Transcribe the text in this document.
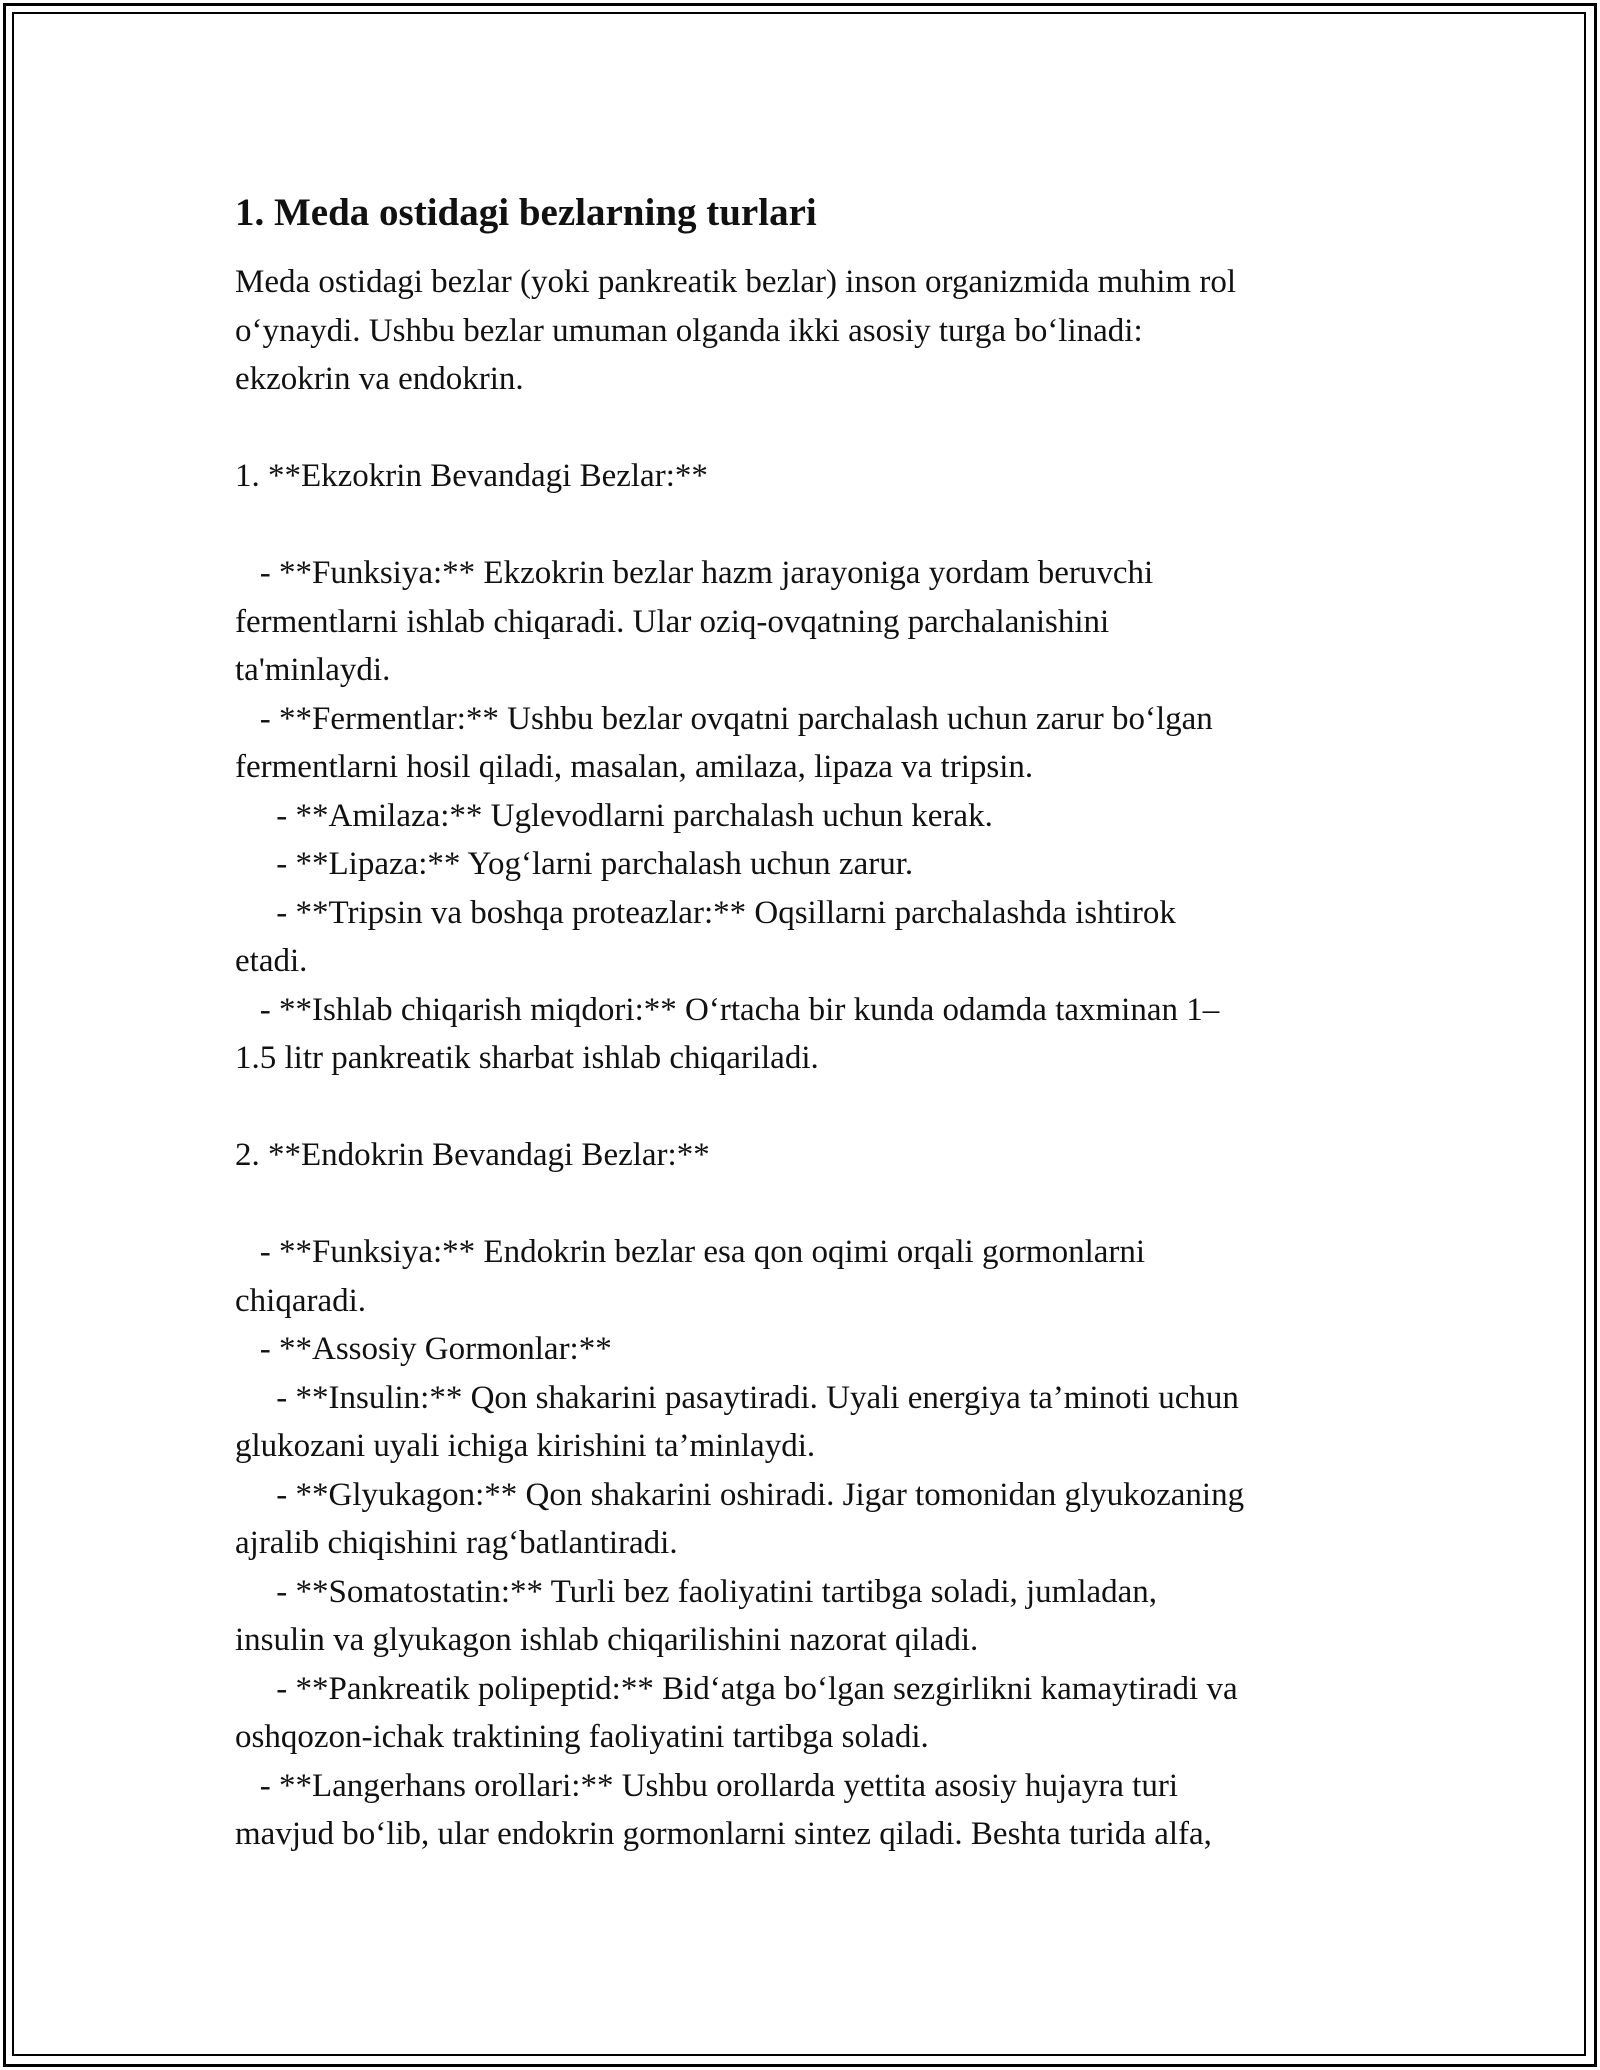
1. Meda ostidagi bezlarning turlari
Meda ostidagi bezlar (yoki pankreatik bezlar) inson organizmida muhim rol
o‘ynaydi. Ushbu bezlar umuman olganda ikki asosiy turga bo‘linadi:
ekzokrin va endokrin.
1. **Ekzokrin Bevandagi Bezlar:**
- **Funksiya:** Ekzokrin bezlar hazm jarayoniga yordam beruvchi
fermentlarni ishlab chiqaradi. Ular oziq-ovqatning parchalanishini
ta'minlaydi.
- **Fermentlar:** Ushbu bezlar ovqatni parchalash uchun zarur bo‘lgan
fermentlarni hosil qiladi, masalan, amilaza, lipaza va tripsin.
- **Amilaza:** Uglevodlarni parchalash uchun kerak.
- **Lipaza:** Yog‘larni parchalash uchun zarur.
- **Tripsin va boshqa proteazlar:** Oqsillarni parchalashda ishtirok
etadi.
- **Ishlab chiqarish miqdori:** O‘rtacha bir kunda odamda taxminan 1–
1.5 litr pankreatik sharbat ishlab chiqariladi.
2. **Endokrin Bevandagi Bezlar:**
- **Funksiya:** Endokrin bezlar esa qon oqimi orqali gormonlarni
chiqaradi.
- **Assosiy Gormonlar:**
- **Insulin:** Qon shakarini pasaytiradi. Uyali energiya ta’minoti uchun
glukozani uyali ichiga kirishini ta’minlaydi.
- **Glyukagon:** Qon shakarini oshiradi. Jigar tomonidan glyukozaning
ajralib chiqishini rag‘batlantiradi.
- **Somatostatin:** Turli bez faoliyatini tartibga soladi, jumladan,
insulin va glyukagon ishlab chiqarilishini nazorat qiladi.
- **Pankreatik polipeptid:** Bid‘atga bo‘lgan sezgirlikni kamaytiradi va
oshqozon-ichak traktining faoliyatini tartibga soladi.
- **Langerhans orollari:** Ushbu orollarda yettita asosiy hujayra turi
mavjud bo‘lib, ular endokrin gormonlarni sintez qiladi. Beshta turida alfa,
